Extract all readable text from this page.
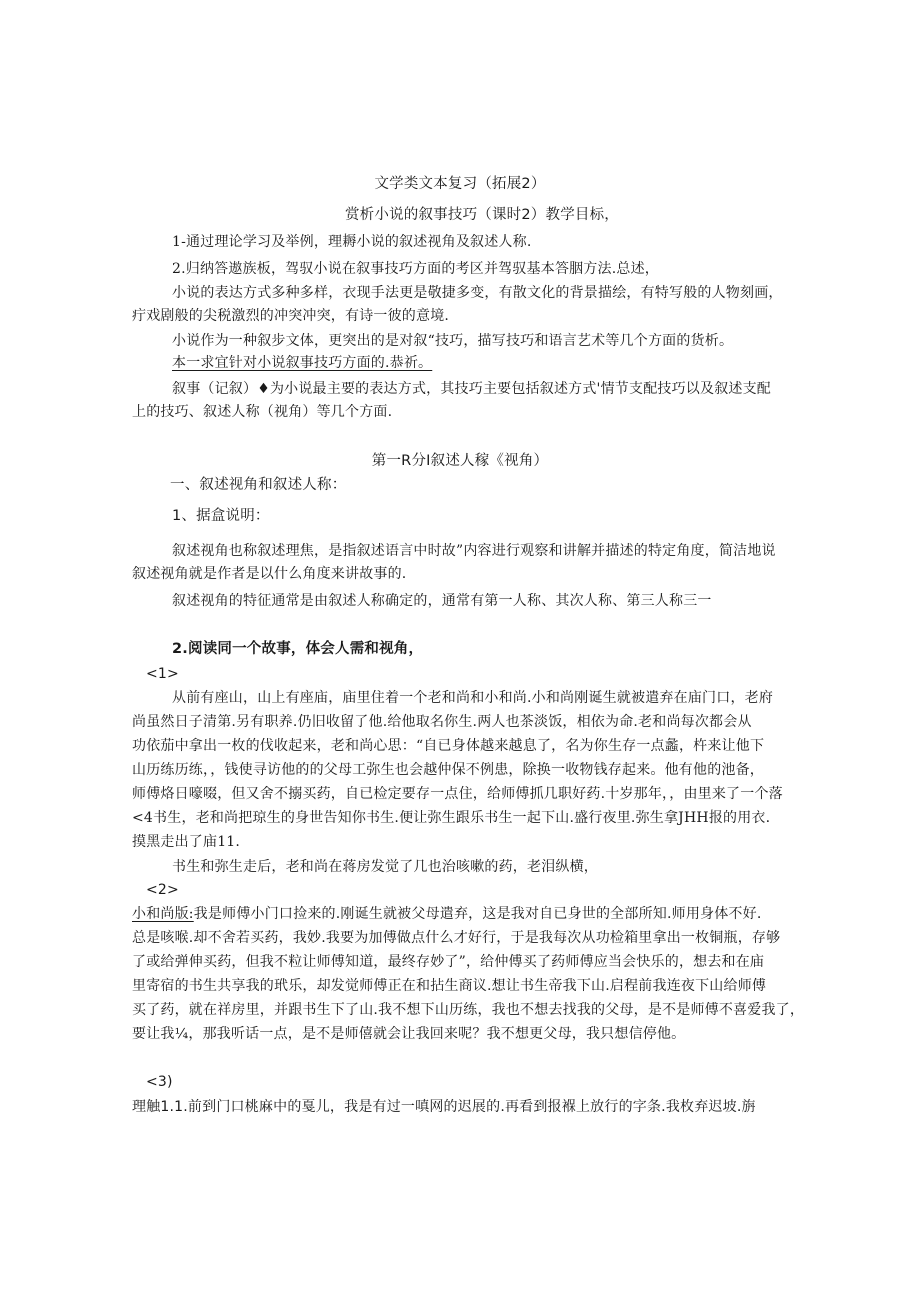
文学类文本复习（拓展2）
赏析小说的叙事技巧（课时2）教学目标，
1-通过理论学习及举例，理耨小说的叙述视角及叙述人称.
2.归纳答遨族板，驾驭小说在叙事技巧方面的考区并驾驭基本答胭方法.总述，
小说的表达方式多种多样，衣现手法更是敬捷多变，有散文化的背景描绘，有特写般的人物刻画，
疔戏剧般的尖税激烈的冲突冲突，有诗一彼的意境.
小说作为一种叙步文体，更突出的是对叙“技巧，描写技巧和语言艺术等几个方面的货析。
本一求宜针对小说叙事技巧方面的.恭祈。
叙事（记叙）♦为小说最主要的表达方式，其技巧主要包括叙述方式'情节支配技巧以及叙述支配
上的技巧、叙述人称（视角）等几个方面.
第一R分I叙述人稼《视角）
一、叙述视角和叙述人称：
1、据盒说明：
叙述视角也称叙述理焦，是指叙述语言中时故”内容进行观察和讲解并描述的特定角度，简洁地说
叙述视角就是作者是以什么角度来讲故事的.
叙述视角的特征通常是由叙述人称确定的，通常有第一人称、其次人称、第三人称三一
2.阅读同一个故事，体会人需和视角，
<1>
从前有座山，山上有座庙，庙里住着一个老和尚和小和尚.小和尚刚诞生就被遣弃在庙门口，老府
尚虽然日子清第.另有职养.仍旧收留了他.给他取名你生.两人也茶淡饭，相依为命.老和尚每次都会从
功依茄中拿出一枚的伐收起来，老和尚心思：“自已身体越来越息了，名为你生存一点蠡，杵来让他下
山历练历练，，钱使寻访他的的父母工弥生也会越仲保不例患，除换一收物钱存起来。他有他的池备，
师傅烙日嚎啜，但又舍不搦买药，自已检定要存一点住，给师傅抓几职好药.十岁那年，，由里来了一个落
<4书生，老和尚把琼生的身世告知你书生.便让弥生跟乐书生一起下山.盛行夜里.弥生拿JHH报的用衣.
摸黑走出了庙11.
书生和弥生走后，老和尚在蒋房发觉了几也治咳嗽的药，老泪纵横，
<2>
小和尚版:我是师傅小门口捡来的.刚诞生就被父母遣弃，这是我对自已身世的全部所知.师用身体不好.
总是咳喉.却不舍若买药，我妙.我要为加傅做点什么才好行，于是我每次从功检箱里拿出一枚铜瓶，存够
了或给弹伸买药，但我不粒让师傅知道，最终存妙了”，给仲傅买了药师傅应当会快乐的，想去和在庙
里寄宿的书生共享我的玳乐，却发觉师傅正在和拈生商议.想让书生帝我下山.启程前我连夜下山给师傅
买了药，就在祥房里，并跟书生下了山.我不想下山历练，我也不想去找我的父母，是不是师傅不喜爱我了，
要让我¼，那我听话一点，是不是师僖就会让我回来呢？我不想更父母，我只想信停他。
<3)
理触1.1.前到门口桃麻中的戛儿，我是有过一嗔网的迟展的.再看到报褓上放行的字条.我枚弃迟坡.旃
